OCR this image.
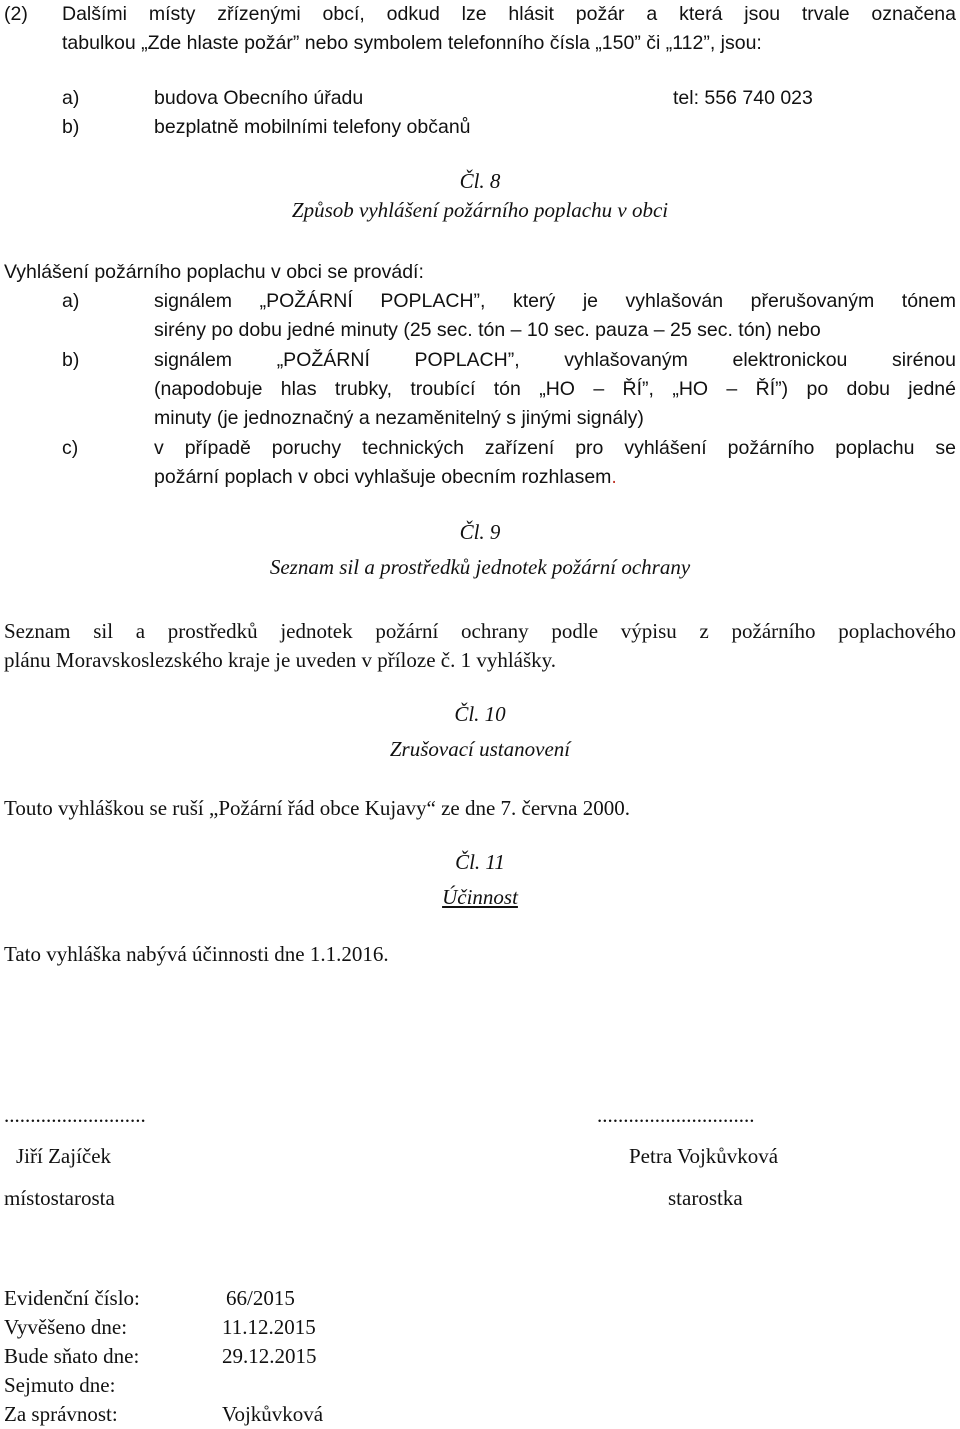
(2) Dalšími místy zřízenými obcí, odkud lze hlásit požár a která jsou trvale označena
tabulkou „Zde hlaste požár” nebo symbolem telefonního čísla „150” či „112”, jsou:
a)	budova Obecního úřadu	tel: 556 740 023
b)	bezplatně mobilními telefony občanů
Čl. 8
Způsob vyhlášení požárního poplachu v obci
Vyhlášení požárního poplachu v obci se provádí:
a)	signálem „POŽÁRNÍ POPLACH”, který je vyhlašován přerušovaným tónem
sirény po dobu jedné minuty (25 sec. tón – 10 sec. pauza – 25 sec. tón) nebo
b)	signálem „POŽÁRNÍ POPLACH”, vyhlašovaným elektronickou sirénou
(napodobuje hlas trubky, troubící tón „HO – ŘÍ”, „HO – ŘÍ”) po dobu jedné
minuty (je jednoznačný a nezaměnitelný s jinými signály)
c)	v případě poruchy technických zařízení pro vyhlášení požárního poplachu se
požární poplach v obci vyhlašuje obecním rozhlasem.
Čl. 9
Seznam sil a prostředků jednotek požární ochrany
Seznam sil a prostředků jednotek požární ochrany podle výpisu z požárního poplachového
plánu Moravskoslezského kraje je uveden v příloze č. 1 vyhlášky.
Čl. 10
Zrušovací ustanovení
Touto vyhláškou se ruší „Požární řád obce Kujavy“ ze dne 7. června 2000.
Čl. 11
Účinnost
Tato vyhláška nabývá účinnosti dne 1.1.2016.
...........................	..............................
Jiří Zajíček	Petra Vojkůvková
místostarosta	starostka
Evidenční číslo:	66/2015
Vyvěšeno dne:	11.12.2015
Bude sňato dne:	29.12.2015
Sejmuto dne:
Za správnost:	Vojkůvková
